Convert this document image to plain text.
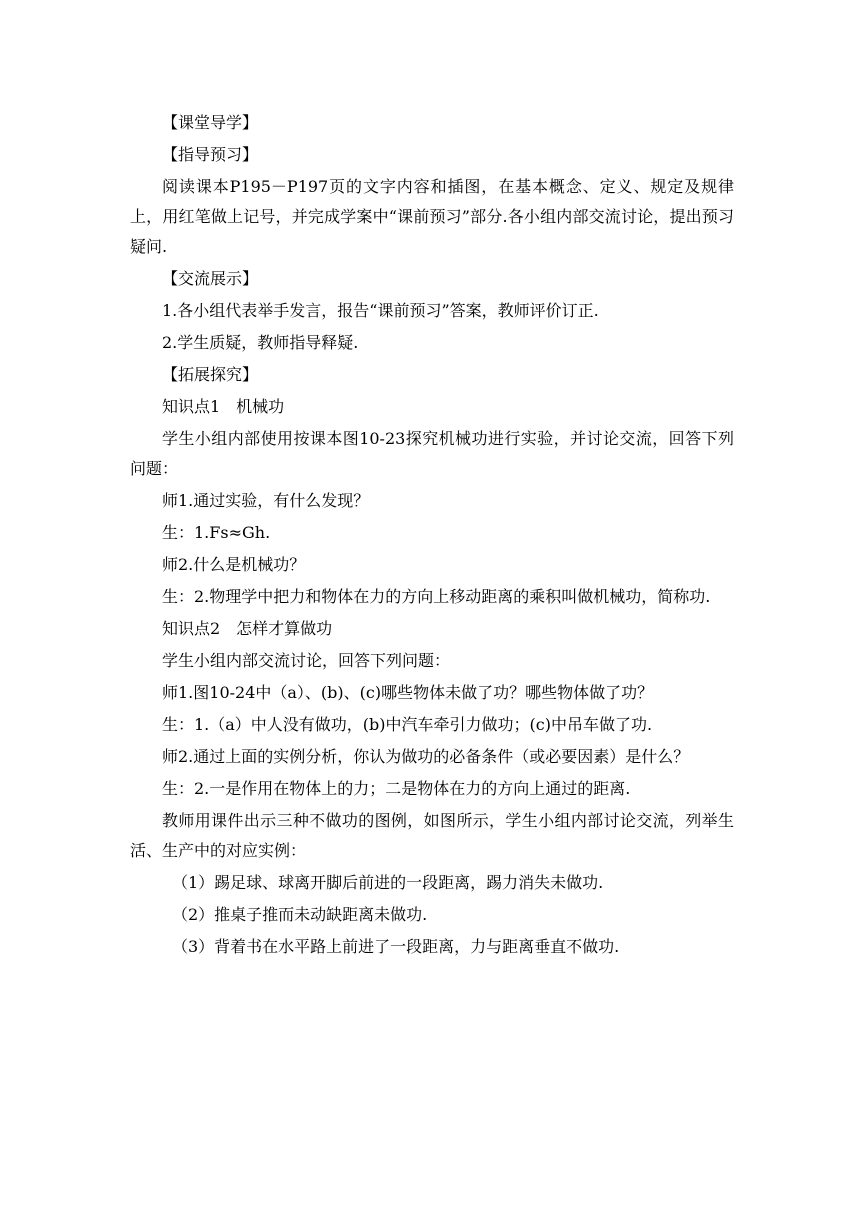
【课堂导学】

【指导预习】

阅读课本P195－P197页的文字内容和插图，在基本概念、定义、规定及规律上，用红笔做上记号，并完成学案中“课前预习”部分.各小组内部交流讨论，提出预习疑问.

【交流展示】

1.各小组代表举手发言，报告“课前预习”答案，教师评价订正.

2.学生质疑，教师指导释疑.

【拓展探究】

知识点1　机械功

学生小组内部使用按课本图10-23探究机械功进行实验，并讨论交流，回答下列问题：

师1.通过实验，有什么发现？

生：1.Fs≈Gh.

师2.什么是机械功？

生：2.物理学中把力和物体在力的方向上移动距离的乘积叫做机械功，简称功.

知识点2　怎样才算做功

学生小组内部交流讨论，回答下列问题：

师1.图10-24中（a）、(b)、(c)哪些物体未做了功？哪些物体做了功？

生：1.（a）中人没有做功，(b)中汽车牵引力做功；(c)中吊车做了功.

师2.通过上面的实例分析，你认为做功的必备条件（或必要因素）是什么？

生：2.一是作用在物体上的力；二是物体在力的方向上通过的距离.

教师用课件出示三种不做功的图例，如图所示，学生小组内部讨论交流，列举生活、生产中的对应实例：

（1）踢足球、球离开脚后前进的一段距离，踢力消失未做功.

（2）推桌子推而未动缺距离未做功.

（3）背着书在水平路上前进了一段距离，力与距离垂直不做功.
